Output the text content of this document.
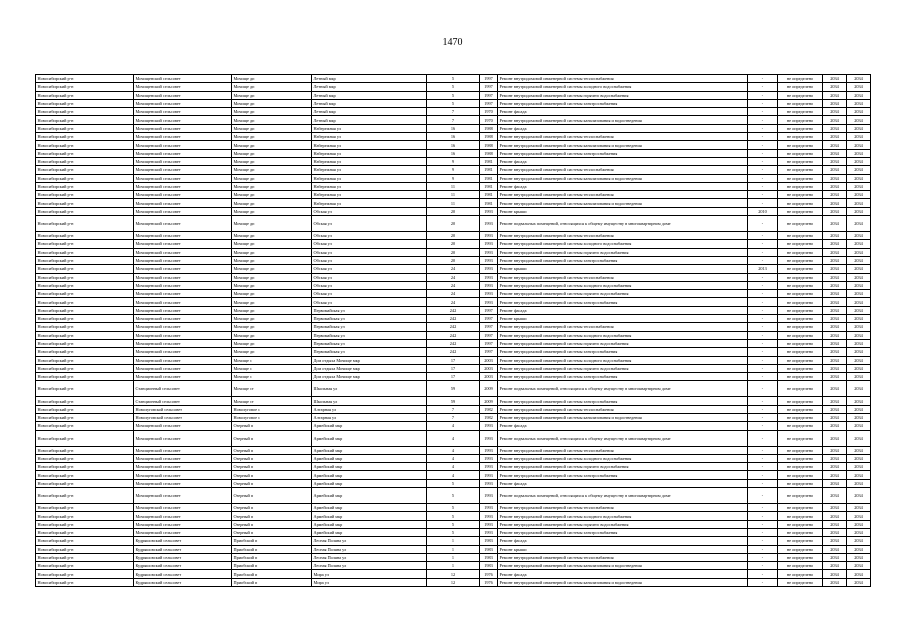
1470
Новосибирский р-н	Мочищенский сельсовет	Мочище дп	Летный мкр	5	1997	Ремонт внутридомовой инженерной системы теплоснабжения	-	не определено	2034	2034
Новосибирский р-н	Мочищенский сельсовет	Мочище дп	Летный мкр	5	1997	Ремонт внутридомовой инженерной системы холодного водоснабжения	-	не определено	2034	2034
Новосибирский р-н	Мочищенский сельсовет	Мочище дп	Летный мкр	5	1997	Ремонт внутридомовой инженерной системы горячего водоснабжения	-	не определено	2034	2034
Новосибирский р-н	Мочищенский сельсовет	Мочище дп	Летный мкр	5	1997	Ремонт внутридомовой инженерной системы электроснабжения	-	не определено	2034	2034
Новосибирский р-н	Мочищенский сельсовет	Мочище дп	Летный мкр	7	1970	Ремонт фасада	-	не определено	2034	2034
Новосибирский р-н	Мочищенский сельсовет	Мочище дп	Летный мкр	7	1970	Ремонт внутридомовой инженерной системы канализования и водоотведения	-	не определено	2034	2034
Новосибирский р-н	Мочищенский сельсовет	Мочище дп	Набережная ул	16	1988	Ремонт фасада	-	не определено	2034	2034
Новосибирский р-н	Мочищенский сельсовет	Мочище дп	Набережная ул	16	1988	Ремонт внутридомовой инженерной системы теплоснабжения	-	не определено	2034	2034
Новосибирский р-н	Мочищенский сельсовет	Мочище дп	Набережная ул	16	1988	Ремонт внутридомовой инженерной системы канализования и водоотведения	-	не определено	2034	2034
Новосибирский р-н	Мочищенский сельсовет	Мочище дп	Набережная ул	16	1988	Ремонт внутридомовой инженерной системы электроснабжения	-	не определено	2034	2034
Новосибирский р-н	Мочищенский сельсовет	Мочище дп	Набережная ул	9	1981	Ремонт фасада	-	не определено	2034	2034
Новосибирский р-н	Мочищенский сельсовет	Мочище дп	Набережная ул	9	1981	Ремонт внутридомовой инженерной системы теплоснабжения	-	не определено	2034	2034
Новосибирский р-н	Мочищенский сельсовет	Мочище дп	Набережная ул	9	1981	Ремонт внутридомовой инженерной системы канализования и водоотведения	-	не определено	2034	2034
Новосибирский р-н	Мочищенский сельсовет	Мочище дп	Набережная ул	11	1981	Ремонт фасада	-	не определено	2034	2034
Новосибирский р-н	Мочищенский сельсовет	Мочище дп	Набережная ул	11	1981	Ремонт внутридомовой инженерной системы теплоснабжения	-	не определено	2034	2034
Новосибирский р-н	Мочищенский сельсовет	Мочище дп	Набережная ул	11	1981	Ремонт внутридомовой инженерной системы канализования и водоотведения	-	не определено	2034	2034
Новосибирский р-н	Мочищенский сельсовет	Мочище дп	Обская ул	20	1993	Ремонт крыши	2010	не определено	2034	2034
Новосибирский р-н	Мочищенский сельсовет	Мочище дп	Обская ул	20	1993	Ремонт подвальных помещений, относящихся к общему имуществу в многоквартирном доме	-	не определено	2034	2034
Новосибирский р-н	Мочищенский сельсовет	Мочище дп	Обская ул	20	1993	Ремонт внутридомовой инженерной системы теплоснабжения	-	не определено	2034	2034
Новосибирский р-н	Мочищенский сельсовет	Мочище дп	Обская ул	20	1993	Ремонт внутридомовой инженерной системы холодного водоснабжения	-	не определено	2034	2034
Новосибирский р-н	Мочищенский сельсовет	Мочище дп	Обская ул	20	1993	Ремонт внутридомовой инженерной системы горячего водоснабжения	-	не определено	2034	2034
Новосибирский р-н	Мочищенский сельсовет	Мочище дп	Обская ул	20	1993	Ремонт внутридомовой инженерной системы электроснабжения	-	не определено	2034	2034
Новосибирский р-н	Мочищенский сельсовет	Мочище дп	Обская ул	24	1993	Ремонт крыши	2013	не определено	2034	2034
Новосибирский р-н	Мочищенский сельсовет	Мочище дп	Обская ул	24	1993	Ремонт внутридомовой инженерной системы теплоснабжения	-	не определено	2034	2034
Новосибирский р-н	Мочищенский сельсовет	Мочище дп	Обская ул	24	1993	Ремонт внутридомовой инженерной системы холодного водоснабжения	-	не определено	2034	2034
Новосибирский р-н	Мочищенский сельсовет	Мочище дп	Обская ул	24	1993	Ремонт внутридомовой инженерной системы горячего водоснабжения	-	не определено	2034	2034
Новосибирский р-н	Мочищенский сельсовет	Мочище дп	Обская ул	24	1993	Ремонт внутридомовой инженерной системы электроснабжения	-	не определено	2034	2034
Новосибирский р-н	Мочищенский сельсовет	Мочище дп	Первомайская ул	242	1997	Ремонт фасада	-	не определено	2034	2034
Новосибирский р-н	Мочищенский сельсовет	Мочище дп	Первомайская ул	242	1997	Ремонт крыши	-	не определено	2034	2034
Новосибирский р-н	Мочищенский сельсовет	Мочище дп	Первомайская ул	242	1997	Ремонт внутридомовой инженерной системы теплоснабжения	-	не определено	2034	2034
Новосибирский р-н	Мочищенский сельсовет	Мочище дп	Первомайская ул	242	1997	Ремонт внутридомовой инженерной системы холодного водоснабжения	-	не определено	2034	2034
Новосибирский р-н	Мочищенский сельсовет	Мочище дп	Первомайская ул	242	1997	Ремонт внутридомовой инженерной системы горячего водоснабжения	-	не определено	2034	2034
Новосибирский р-н	Мочищенский сельсовет	Мочище дп	Первомайская ул	242	1997	Ремонт внутридомовой инженерной системы электроснабжения	-	не определено	2034	2034
Новосибирский р-н	Мочищенский сельсовет	Мочище с	Дом отдыха Мочище мкр	17	2003	Ремонт внутридомовой инженерной системы холодного водоснабжения	-	не определено	2034	2034
Новосибирский р-н	Мочищенский сельсовет	Мочище с	Дом отдыха Мочище мкр	17	2003	Ремонт внутридомовой инженерной системы горячего водоснабжения	-	не определено	2034	2034
Новосибирский р-н	Мочищенский сельсовет	Мочище с	Дом отдыха Мочище мкр	17	2003	Ремонт внутридомовой инженерной системы электроснабжения	-	не определено	2034	2034
Новосибирский р-н	Станционный сельсовет	Мочище ст	Школьная ул	59	2009	Ремонт подвальных помещений, относящихся к общему имуществу в многоквартирном доме	-	не определено	2034	2034
Новосибирский р-н	Станционный сельсовет	Мочище ст	Школьная ул	59	2009	Ремонт внутридомовой инженерной системы электроснабжения	-	не определено	2034	2034
Новосибирский р-н	Новолуговской сельсовет	Новолуговое с	Алтарная ул	7	1982	Ремонт внутридомовой инженерной системы теплоснабжения	-	не определено	2034	2034
Новосибирский р-н	Новолуговской сельсовет	Новолуговое с	Алтарная ул	7	1982	Ремонт внутридомовой инженерной системы канализования и водоотведения	-	не определено	2034	2034
Новосибирский р-н	Мочищенский сельсовет	Озерный п	Армейский мкр	4	1993	Ремонт фасада	-	не определено	2034	2034
Новосибирский р-н	Мочищенский сельсовет	Озерный п	Армейский мкр	4	1993	Ремонт подвальных помещений, относящихся к общему имуществу в многоквартирном доме	-	не определено	2034	2034
Новосибирский р-н	Мочищенский сельсовет	Озерный п	Армейский мкр	4	1993	Ремонт внутридомовой инженерной системы теплоснабжения	-	не определено	2034	2034
Новосибирский р-н	Мочищенский сельсовет	Озерный п	Армейский мкр	4	1993	Ремонт внутридомовой инженерной системы холодного водоснабжения	-	не определено	2034	2034
Новосибирский р-н	Мочищенский сельсовет	Озерный п	Армейский мкр	4	1993	Ремонт внутридомовой инженерной системы горячего водоснабжения	-	не определено	2034	2034
Новосибирский р-н	Мочищенский сельсовет	Озерный п	Армейский мкр	4	1993	Ремонт внутридомовой инженерной системы электроснабжения	-	не определено	2034	2034
Новосибирский р-н	Мочищенский сельсовет	Озерный п	Армейский мкр	5	1993	Ремонт фасада	-	не определено	2034	2034
Новосибирский р-н	Мочищенский сельсовет	Озерный п	Армейский мкр	5	1993	Ремонт подвальных помещений, относящихся к общему имуществу в многоквартирном доме	-	не определено	2034	2034
Новосибирский р-н	Мочищенский сельсовет	Озерный п	Армейский мкр	5	1993	Ремонт внутридомовой инженерной системы теплоснабжения	-	не определено	2034	2034
Новосибирский р-н	Мочищенский сельсовет	Озерный п	Армейский мкр	5	1993	Ремонт внутридомовой инженерной системы холодного водоснабжения	-	не определено	2034	2034
Новосибирский р-н	Мочищенский сельсовет	Озерный п	Армейский мкр	5	1993	Ремонт внутридомовой инженерной системы горячего водоснабжения	-	не определено	2034	2034
Новосибирский р-н	Мочищенский сельсовет	Озерный п	Армейский мкр	5	1993	Ремонт внутридомовой инженерной системы электроснабжения	-	не определено	2034	2034
Новосибирский р-н	Кудряшовский сельсовет	Приобский п	Лесная Поляна ул	1	1983	Ремонт фасада	-	не определено	2034	2034
Новосибирский р-н	Кудряшовский сельсовет	Приобский п	Лесная Поляна ул	1	1983	Ремонт крыши	-	не определено	2034	2034
Новосибирский р-н	Кудряшовский сельсовет	Приобский п	Лесная Поляна ул	1	1983	Ремонт внутридомовой инженерной системы теплоснабжения	-	не определено	2034	2034
Новосибирский р-н	Кудряшовский сельсовет	Приобский п	Лесная Поляна ул	1	1983	Ремонт внутридомовой инженерной системы канализования и водоотведения	-	не определено	2034	2034
Новосибирский р-н	Кудряшовский сельсовет	Приобский п	Мира ул	12	1976	Ремонт фасада	-	не определено	2034	2034
Новосибирский р-н	Кудряшовский сельсовет	Приобский п	Мира ул	12	1976	Ремонт внутридомовой инженерной системы канализования и водоотведения	-	не определено	2034	2034
